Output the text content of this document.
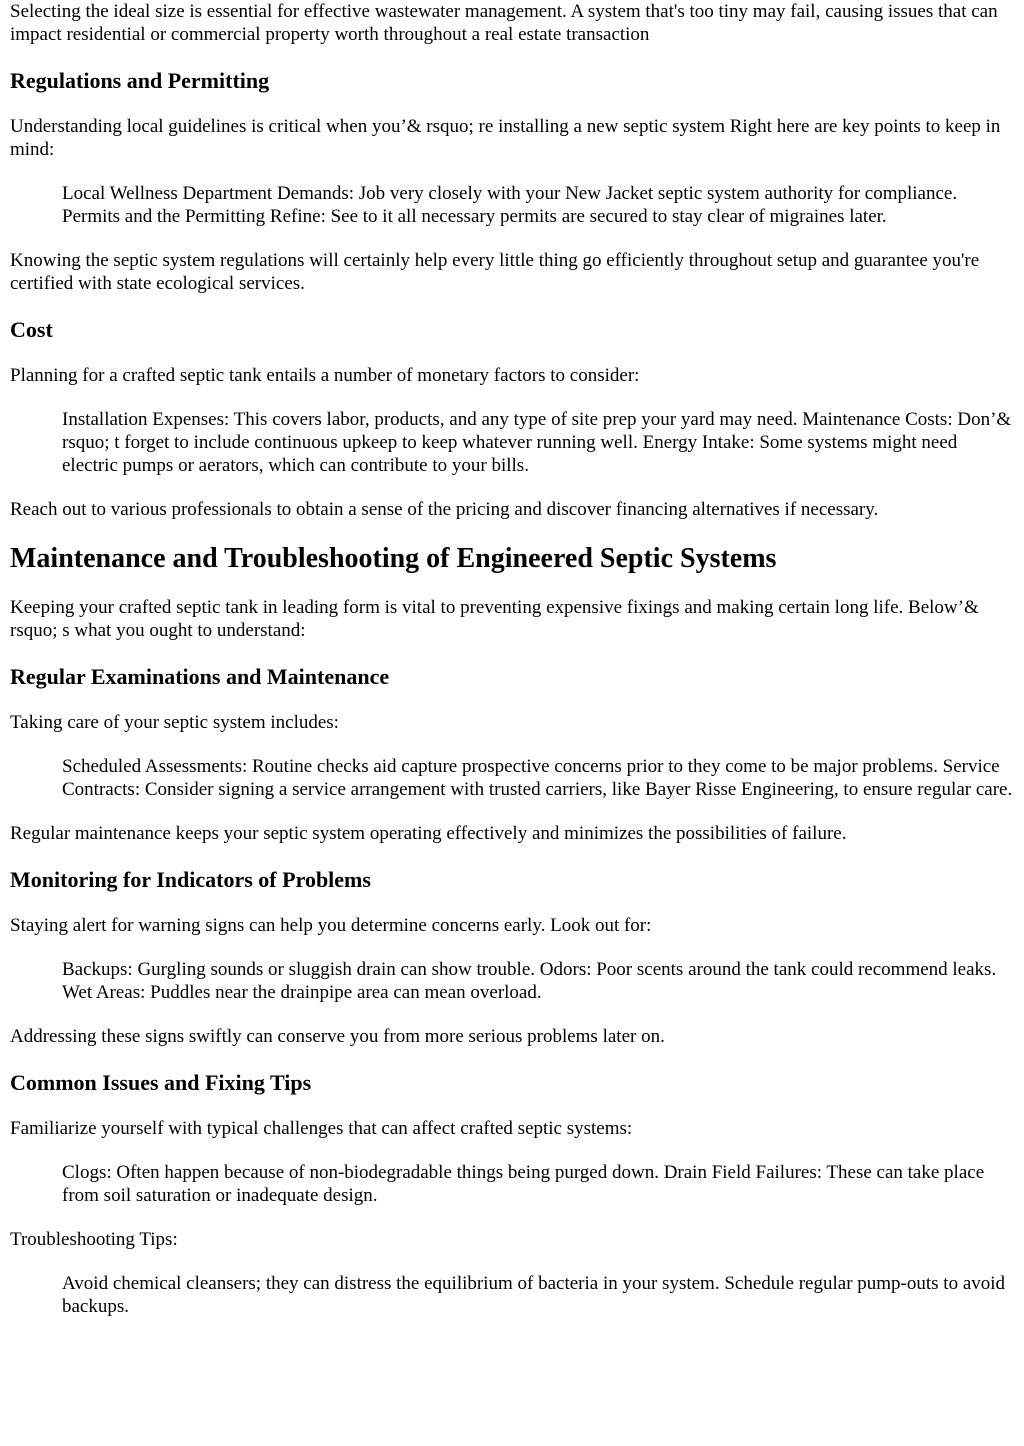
Selecting the ideal size is essential for effective wastewater management. A system that's too tiny may fail, causing issues that can impact residential or commercial property worth throughout a real estate transaction

Regulations and Permitting

Understanding local guidelines is critical when you’& rsquo; re installing a new septic system Right here are key points to keep in mind:

Local Wellness Department Demands: Job very closely with your New Jacket septic system authority for compliance. Permits and the Permitting Refine: See to it all necessary permits are secured to stay clear of migraines later.

Knowing the septic system regulations will certainly help every little thing go efficiently throughout setup and guarantee you're certified with state ecological services.

Cost

Planning for a crafted septic tank entails a number of monetary factors to consider:

Installation Expenses: This covers labor, products, and any type of site prep your yard may need. Maintenance Costs: Don’& rsquo; t forget to include continuous upkeep to keep whatever running well. Energy Intake: Some systems might need electric pumps or aerators, which can contribute to your bills.

Reach out to various professionals to obtain a sense of the pricing and discover financing alternatives if necessary.

Maintenance and Troubleshooting of Engineered Septic Systems

Keeping your crafted septic tank in leading form is vital to preventing expensive fixings and making certain long life. Below’& rsquo; s what you ought to understand:

Regular Examinations and Maintenance

Taking care of your septic system includes:

Scheduled Assessments: Routine checks aid capture prospective concerns prior to they come to be major problems. Service Contracts: Consider signing a service arrangement with trusted carriers, like Bayer Risse Engineering, to ensure regular care.

Regular maintenance keeps your septic system operating effectively and minimizes the possibilities of failure.

Monitoring for Indicators of Problems

Staying alert for warning signs can help you determine concerns early. Look out for:

Backups: Gurgling sounds or sluggish drain can show trouble. Odors: Poor scents around the tank could recommend leaks. Wet Areas: Puddles near the drainpipe area can mean overload.

Addressing these signs swiftly can conserve you from more serious problems later on.

Common Issues and Fixing Tips

Familiarize yourself with typical challenges that can affect crafted septic systems:

Clogs: Often happen because of non-biodegradable things being purged down. Drain Field Failures: These can take place from soil saturation or inadequate design.

Troubleshooting Tips:

Avoid chemical cleansers; they can distress the equilibrium of bacteria in your system. Schedule regular pump-outs to avoid backups.
